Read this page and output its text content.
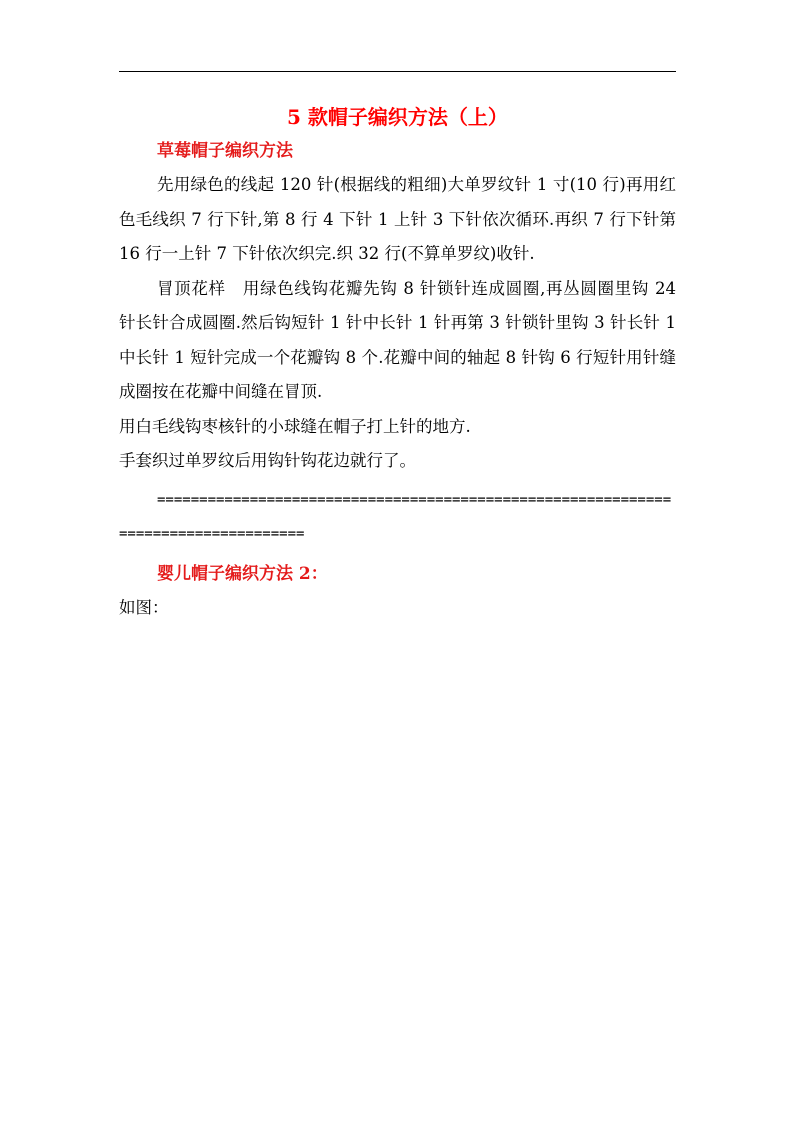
5 款帽子编织方法（上）
草莓帽子编织方法

先用绿色的线起 120 针(根据线的粗细)大单罗纹针 1 寸(10 行)再用红色毛线织 7 行下针,第 8 行 4 下针 1 上针 3 下针依次循环.再织 7 行下针第 16 行一上针 7 下针依次织完.织 32 行(不算单罗纹)收针.

冒顶花样　用绿色线钩花瓣先钩 8 针锁针连成圆圈,再丛圆圈里钩 24 针长针合成圆圈.然后钩短针 1 针中长针 1 针再第 3 针锁针里钩 3 针长针 1 中长针 1 短针完成一个花瓣钩 8 个.花瓣中间的轴起 8 针钩 6 行短针用针缝成圈按在花瓣中间缝在冒顶.

用白毛线钩枣核针的小球缝在帽子打上针的地方.

手套织过单罗纹后用钩针钩花边就行了。

===================================================================================
婴儿帽子编织方法 2：

如图：
